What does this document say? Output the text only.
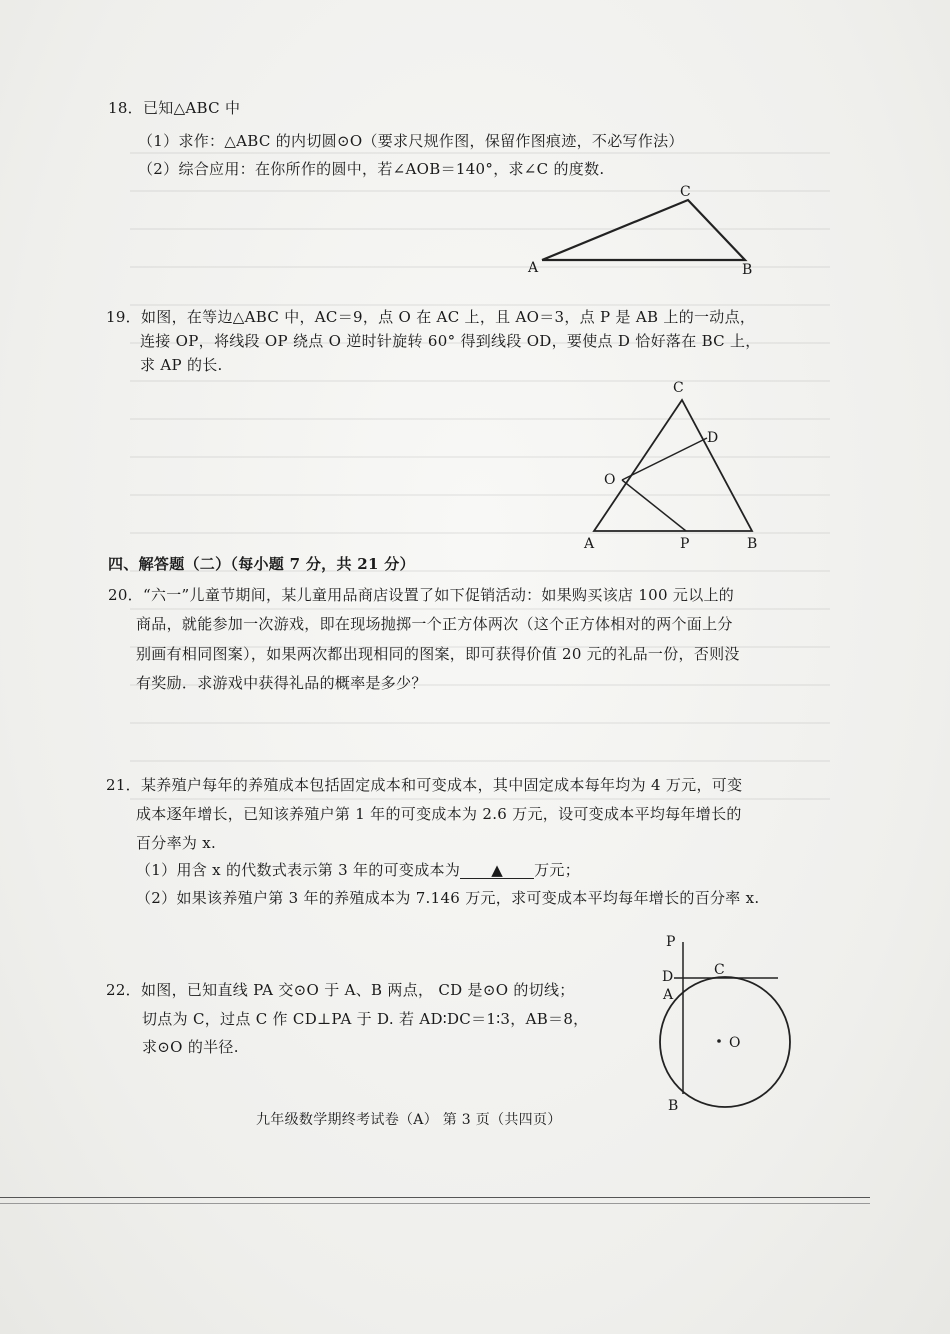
18．已知△ABC 中
（1）求作：△ABC 的内切圆⊙O（要求尺规作图，保留作图痕迹，不必写作法）
（2）综合应用：在你所作的圆中，若∠AOB＝140°，求∠C 的度数.
C
A	B
19．如图，在等边△ABC 中，AC＝9，点 O 在 AC 上，且 AO＝3，点 P 是 AB 上的一动点，
连接 OP，将线段 OP 绕点 O 逆时针旋转 60° 得到线段 OD，要使点 D 恰好落在 BC 上，
求 AP 的长.
C
D
O
A	P	B
四、解答题（二）（每小题 7 分，共 21 分）
20．“六一”儿童节期间，某儿童用品商店设置了如下促销活动：如果购买该店 100 元以上的
商品，就能参加一次游戏，即在现场抛掷一个正方体两次（这个正方体相对的两个面上分
别画有相同图案），如果两次都出现相同的图案，即可获得价值 20 元的礼品一份，否则没
有奖励．求游戏中获得礼品的概率是多少？
21．某养殖户每年的养殖成本包括固定成本和可变成本，其中固定成本每年均为 4 万元，可变
成本逐年增长，已知该养殖户第 1 年的可变成本为 2.6 万元，设可变成本平均每年增长的
百分率为 x.
（1）用含 x 的代数式表示第 3 年的可变成本为 ▲ 万元；
（2）如果该养殖户第 3 年的养殖成本为 7.146 万元，求可变成本平均每年增长的百分率 x.
22．如图，已知直线 PA 交⊙O 于 A、B 两点， CD 是⊙O 的切线；
切点为 C，过点 C 作 CD⊥PA 于 D. 若 AD∶DC＝1∶3，AB＝8，
求⊙O 的半径.
P
D	C
A
O
B
九年级数学期终考试卷（A） 第 3 页（共四页）
